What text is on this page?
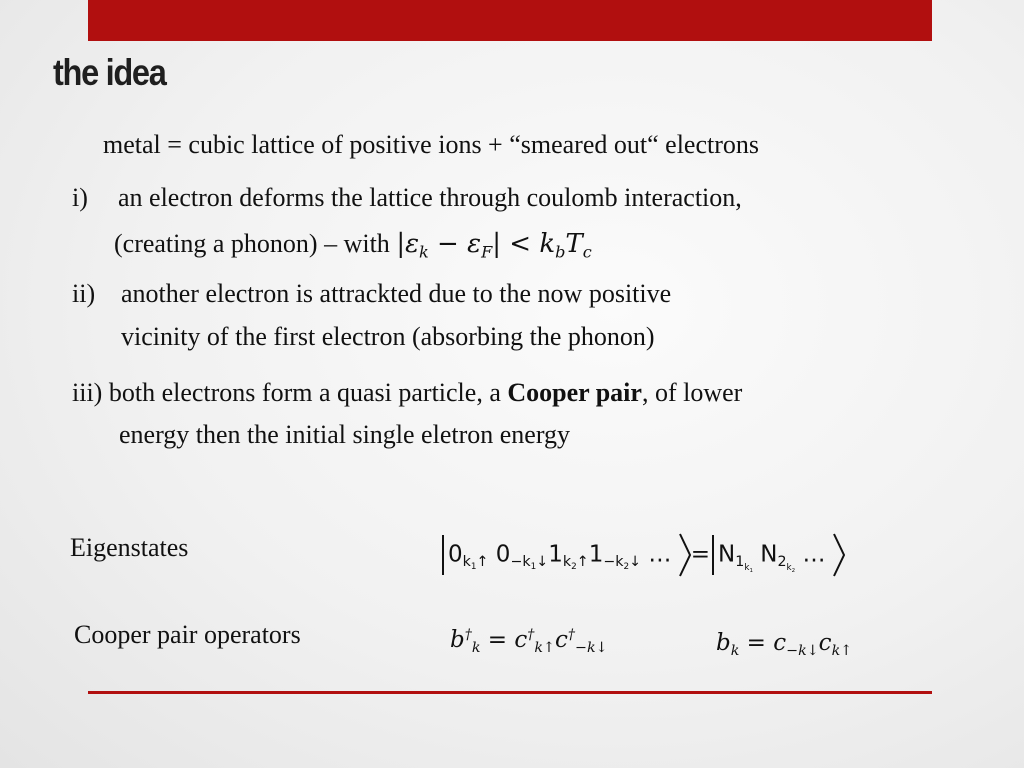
the idea
metal = cubic lattice of positive ions + “smeared out“ electrons
i) an electron deforms the lattice through coulomb interaction,
(creating a phonon) – with $|\varepsilon_k - \varepsilon_F| < k_bT_c$
ii) another electron is attrackted due to the now positive
vicinity of the first electron (absorbing the phonon)
iii) both electrons form a quasi particle, a Cooper pair, of lower
energy then the initial single eletron energy
Eigenstates	$0_{k_1↑}$ $0_{-k_1↓}1_{k_2↑}1_{-k_2↓}$ … = $N_{1_{k_1}}$ $N_{2_{k_2}}$ …
Cooper pair operators	$b^\dagger_k = c^\dagger_{k↑}c^\dagger_{-k↓}$	$b_k = c_{-k↓}c_{k↑}$
